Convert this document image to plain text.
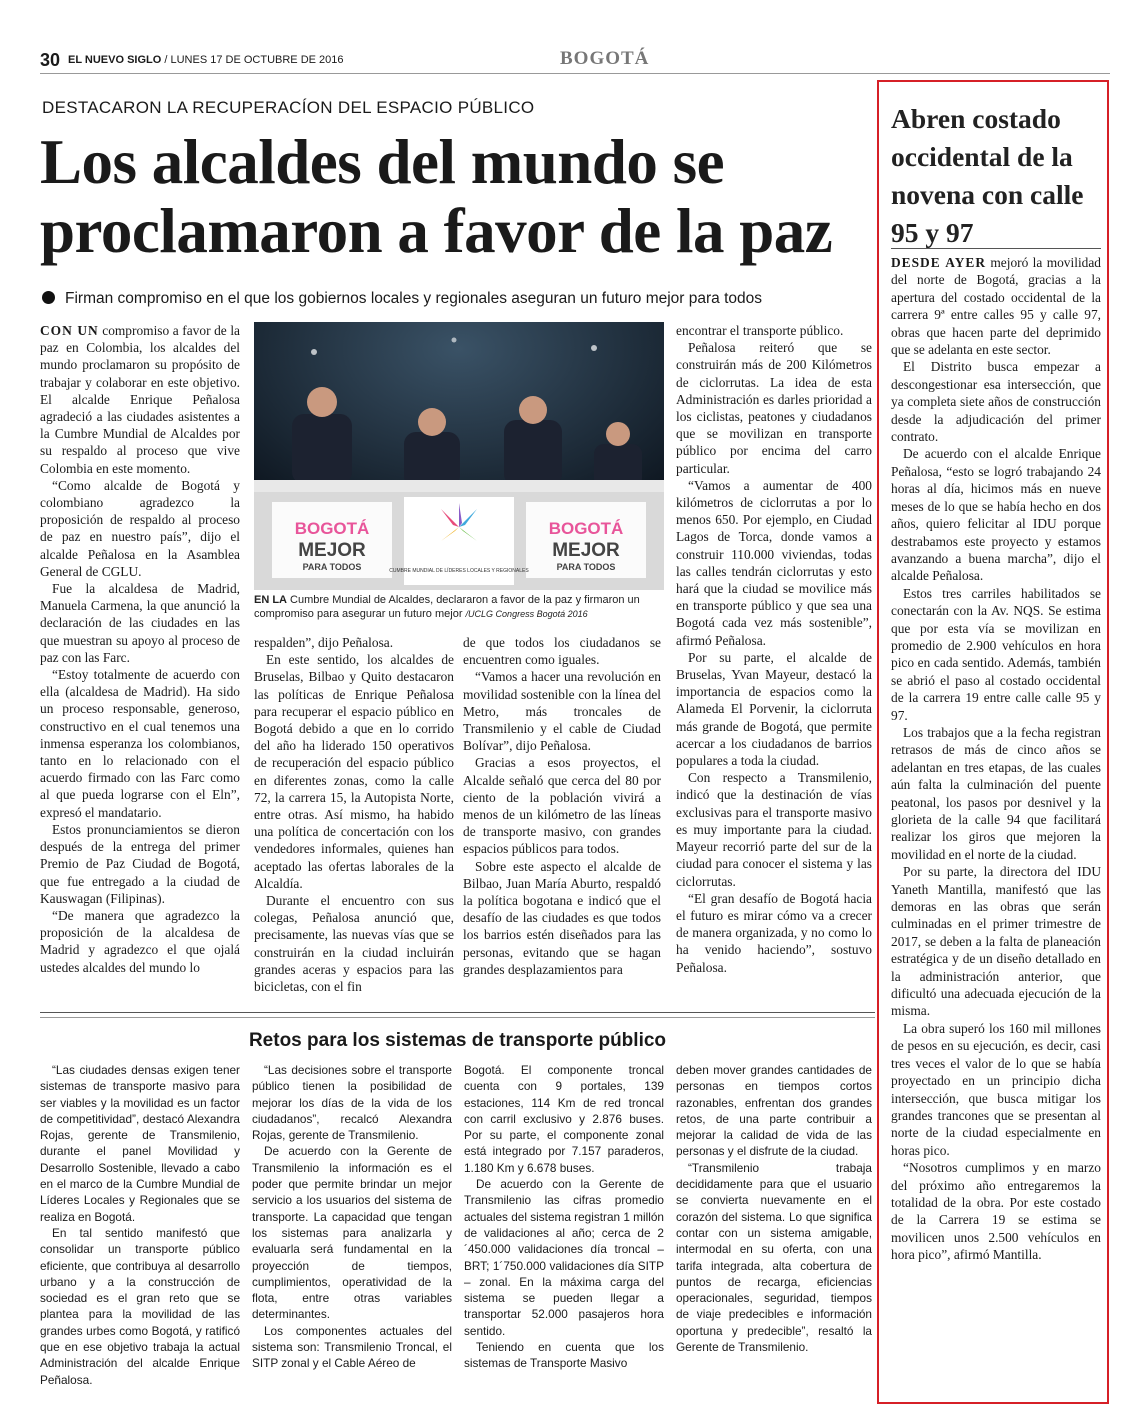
30 EL NUEVO SIGLO / LUNES 17 DE OCTUBRE DE 2016	BOGOTÁ
DESTACARON LA RECUPERACÍON DEL ESPACIO PÚBLICO
Los alcaldes del mundo se proclamaron a favor de la paz
Firman compromiso en el que los gobiernos locales y regionales aseguran un futuro mejor para todos

CON UN compromiso a favor de la paz en Colombia, los alcaldes del mundo proclamaron su propósito de trabajar y colaborar en este objetivo. El alcalde Enrique Peñalosa agradeció a las ciudades asistentes a la Cumbre Mundial de Alcaldes por su respaldo al proceso que vive Colombia en este momento.

“Como alcalde de Bogotá y colombiano agradezco la proposición de respaldo al proceso de paz en nuestro país”, dijo el alcalde Peñalosa en la Asamblea General de CGLU.

Fue la alcaldesa de Madrid, Manuela Carmena, la que anunció la declaración de las ciudades en las que muestran su apoyo al proceso de paz con las Farc.

“Estoy totalmente de acuerdo con ella (alcaldesa de Madrid). Ha sido un proceso responsable, generoso, constructivo en el cual tenemos una inmensa esperanza los colombianos, tanto en lo relacionado con el acuerdo firmado con las Farc como al que pueda lograrse con el Eln”, expresó el mandatario.

Estos pronunciamientos se dieron después de la entrega del primer Premio de Paz Ciudad de Bogotá, que fue entregado a la ciudad de Kauswagan (Filipinas).

“De manera que agradezco la proposición de la alcaldesa de Madrid y agradezco el que ojalá ustedes alcaldes del mundo lo

BOGOTÁ
MEJOR
PARA TODOS
BOGOTÁ
MEJOR
PARA TODOS
CUMBRE MUNDIAL DE LÍDERES LOCALES Y REGIONALES
EN LA Cumbre Mundial de Alcaldes, declararon a favor de la paz y firmaron un compromiso para asegurar un futuro mejor /UCLG Congress Bogotá 2016

respalden”, dijo Peñalosa.

En este sentido, los alcaldes de Bruselas, Bilbao y Quito destacaron las políticas de Enrique Peñalosa para recuperar el espacio público en Bogotá debido a que en lo corrido del año ha liderado 150 operativos de recuperación del espacio público en diferentes zonas, como la calle 72, la carrera 15, la Autopista Norte, entre otras. Así mismo, ha habido una política de concertación con los vendedores informales, quienes han aceptado las ofertas laborales de la Alcaldía.

Durante el encuentro con sus colegas, Peñalosa anunció que, precisamente, las nuevas vías que se construirán en la ciudad incluirán grandes aceras y espacios para las bicicletas, con el fin

de que todos los ciudadanos se encuentren como iguales.

“Vamos a hacer una revolución en movilidad sostenible con la línea del Metro, más troncales de Transmilenio y el cable de Ciudad Bolívar”, dijo Peñalosa.

Gracias a esos proyectos, el Alcalde señaló que cerca del 80 por ciento de la población vivirá a menos de un kilómetro de las líneas de transporte masivo, con grandes espacios públicos para todos.

Sobre este aspecto el alcalde de Bilbao, Juan María Aburto, respaldó la política bogotana e indicó que el desafío de las ciudades es que todos los barrios estén diseñados para las personas, evitando que se hagan grandes desplazamientos para

encontrar el transporte público.

Peñalosa reiteró que se construirán más de 200 Kilómetros de ciclorrutas. La idea de esta Administración es darles prioridad a los ciclistas, peatones y ciudadanos que se movilizan en transporte público por encima del carro particular.

“Vamos a aumentar de 400 kilómetros de ciclorrutas a por lo menos 650. Por ejemplo, en Ciudad Lagos de Torca, donde vamos a construir 110.000 viviendas, todas las calles tendrán ciclorrutas y esto hará que la ciudad se movilice más en transporte público y que sea una Bogotá cada vez más sostenible”, afirmó Peñalosa.

Por su parte, el alcalde de Bruselas, Yvan Mayeur, destacó la importancia de espacios como la Alameda El Porvenir, la ciclorruta más grande de Bogotá, que permite acercar a los ciudadanos de barrios populares a toda la ciudad.

Con respecto a Transmilenio, indicó que la destinación de vías exclusivas para el transporte masivo es muy importante para la ciudad. Mayeur recorrió parte del sur de la ciudad para conocer el sistema y las ciclorrutas.

“El gran desafío de Bogotá hacia el futuro es mirar cómo va a crecer de manera organizada, y no como lo ha venido haciendo”, sostuvo Peñalosa.

Retos para los sistemas de transporte público

“Las ciudades densas exigen tener sistemas de transporte masivo para ser viables y la movilidad es un factor de competitividad”, destacó Alexandra Rojas, gerente de Transmilenio, durante el panel Movilidad y Desarrollo Sostenible, llevado a cabo en el marco de la Cumbre Mundial de Líderes Locales y Regionales que se realiza en Bogotá.

En tal sentido manifestó que consolidar un transporte público eficiente, que contribuya al desarrollo urbano y a la construcción de sociedad es el gran reto que se plantea para la movilidad de las grandes urbes como Bogotá, y ratificó que en ese objetivo trabaja la actual Administración del alcalde Enrique Peñalosa.

“Las decisiones sobre el transporte público tienen la posibilidad de mejorar los días de la vida de los ciudadanos”, recalcó Alexandra Rojas, gerente de Transmilenio.

De acuerdo con la Gerente de Transmilenio la información es el poder que permite brindar un mejor servicio a los usuarios del sistema de transporte. La capacidad que tengan los sistemas para analizarla y evaluarla será fundamental en la proyección de tiempos, cumplimientos, operatividad de la flota, entre otras variables determinantes.

Los componentes actuales del sistema son: Transmilenio Troncal, el SITP zonal y el Cable Aéreo de

Bogotá. El componente troncal cuenta con 9 portales, 139 estaciones, 114 Km de red troncal con carril exclusivo y 2.876 buses. Por su parte, el componente zonal está integrado por 7.157 paraderos, 1.180 Km y 6.678 buses.

De acuerdo con la Gerente de Transmilenio las cifras promedio actuales del sistema registran 1 millón de validaciones al año; cerca de 2´450.000 validaciones día troncal – BRT; 1´750.000 validaciones día SITP – zonal. En la máxima carga del sistema se pueden llegar a transportar 52.000 pasajeros hora sentido.

Teniendo en cuenta que los sistemas de Transporte Masivo

deben mover grandes cantidades de personas en tiempos cortos razonables, enfrentan dos grandes retos, de una parte contribuir a mejorar la calidad de vida de las personas y el disfrute de la ciudad.

“Transmilenio trabaja decididamente para que el usuario se convierta nuevamente en el corazón del sistema. Lo que significa contar con un sistema amigable, intermodal en su oferta, con una tarifa integrada, alta cobertura de puntos de recarga, eficiencias operacionales, seguridad, tiempos de viaje predecibles e información oportuna y predecible”, resaltó la Gerente de Transmilenio.

Abren costado occidental de la novena con calle 95 y 97

DESDE AYER mejoró la movilidad del norte de Bogotá, gracias a la apertura del costado occidental de la carrera 9ª entre calles 95 y calle 97, obras que hacen parte del deprimido que se adelanta en este sector.

El Distrito busca empezar a descongestionar esa intersección, que ya completa siete años de construcción desde la adjudicación del primer contrato.

De acuerdo con el alcalde Enrique Peñalosa, “esto se logró trabajando 24 horas al día, hicimos más en nueve meses de lo que se había hecho en dos años, quiero felicitar al IDU porque destrabamos este proyecto y estamos avanzando a buena marcha”, dijo el alcalde Peñalosa.

Estos tres carriles habilitados se conectarán con la Av. NQS. Se estima que por esta vía se movilizan en promedio de 2.900 vehículos en hora pico en cada sentido. Además, también se abrió el paso al costado occidental de la carrera 19 entre calle calle 95 y 97.

Los trabajos que a la fecha registran retrasos de más de cinco años se adelantan en tres etapas, de las cuales aún falta la culminación del puente peatonal, los pasos por desnivel y la glorieta de la calle 94 que facilitará realizar los giros que mejoren la movilidad en el norte de la ciudad.

Por su parte, la directora del IDU Yaneth Mantilla, manifestó que las demoras en las obras que serán culminadas en el primer trimestre de 2017, se deben a la falta de planeación estratégica y de un diseño detallado en la administración anterior, que dificultó una adecuada ejecución de la misma.

La obra superó los 160 mil millones de pesos en su ejecución, es decir, casi tres veces el valor de lo que se había proyectado en un principio dicha intersección, que busca mitigar los grandes trancones que se presentan al norte de la ciudad especialmente en horas pico.

“Nosotros cumplimos y en marzo del próximo año entregaremos la totalidad de la obra. Por este costado de la Carrera 19 se estima se movilicen unos 2.500 vehículos en hora pico”, afirmó Mantilla.
